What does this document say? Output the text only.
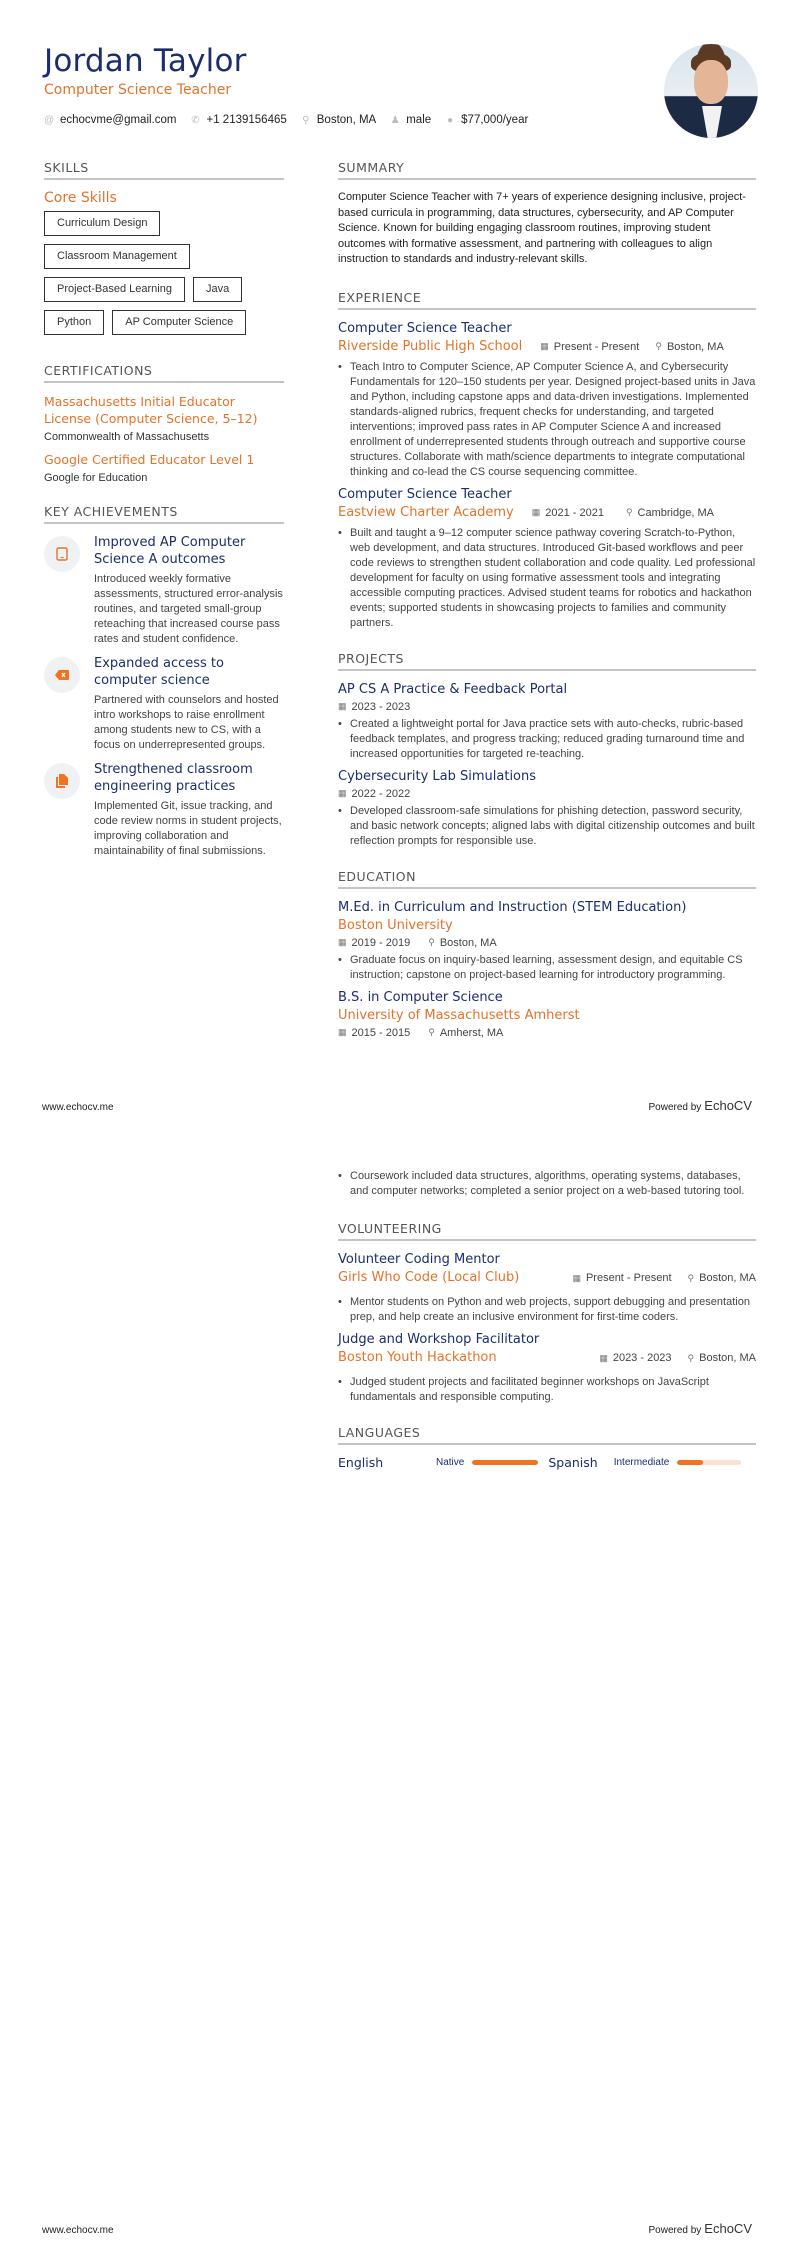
Jordan Taylor
Computer Science Teacher
@ echocvme@gmail.com ✆ +1 2139156465 ⚲ Boston, MA ♟ male ● $77,000/year
SKILLS
Core Skills
Curriculum Design
Classroom Management
Project-Based Learning	Java
Python	AP Computer Science
CERTIFICATIONS
Massachusetts Initial Educator License (Computer Science, 5–12)
Commonwealth of Massachusetts
Google Certified Educator Level 1
Google for Education
KEY ACHIEVEMENTS
Improved AP Computer Science A outcomes
Introduced weekly formative assessments, structured error-analysis routines, and targeted small-group reteaching that increased course pass rates and student confidence.
Expanded access to computer science
Partnered with counselors and hosted intro workshops to raise enrollment among students new to CS, with a focus on underrepresented groups.
Strengthened classroom engineering practices
Implemented Git, issue tracking, and code review norms in student projects, improving collaboration and maintainability of final submissions.
SUMMARY
Computer Science Teacher with 7+ years of experience designing inclusive, project-based curricula in programming, data structures, cybersecurity, and AP Computer Science. Known for building engaging classroom routines, improving student outcomes with formative assessment, and partnering with colleagues to align instruction to standards and industry-relevant skills.
EXPERIENCE
Computer Science Teacher
Riverside Public High School ▦ Present - Present ⚲ Boston, MA
• Teach Intro to Computer Science, AP Computer Science A, and Cybersecurity Fundamentals for 120–150 students per year. Designed project-based units in Java and Python, including capstone apps and data-driven investigations. Implemented standards-aligned rubrics, frequent checks for understanding, and targeted interventions; improved pass rates in AP Computer Science A and increased enrollment of underrepresented students through outreach and supportive course structures. Collaborate with math/science departments to integrate computational thinking and co-lead the CS course sequencing committee.
Computer Science Teacher
Eastview Charter Academy ▦ 2021 - 2021 ⚲ Cambridge, MA
• Built and taught a 9–12 computer science pathway covering Scratch-to-Python, web development, and data structures. Introduced Git-based workflows and peer code reviews to strengthen student collaboration and code quality. Led professional development for faculty on using formative assessment tools and integrating accessible computing practices. Advised student teams for robotics and hackathon events; supported students in showcasing projects to families and community partners.
PROJECTS
AP CS A Practice & Feedback Portal
▦ 2023 - 2023
• Created a lightweight portal for Java practice sets with auto-checks, rubric-based feedback templates, and progress tracking; reduced grading turnaround time and increased opportunities for targeted re-teaching.
Cybersecurity Lab Simulations
▦ 2022 - 2022
• Developed classroom-safe simulations for phishing detection, password security, and basic network concepts; aligned labs with digital citizenship outcomes and built reflection prompts for responsible use.
EDUCATION
M.Ed. in Curriculum and Instruction (STEM Education)
Boston University
▦ 2019 - 2019 ⚲ Boston, MA
• Graduate focus on inquiry-based learning, assessment design, and equitable CS instruction; capstone on project-based learning for introductory programming.
B.S. in Computer Science
University of Massachusetts Amherst
▦ 2015 - 2015 ⚲ Amherst, MA
www.echocv.me	Powered by EchoCV
• Coursework included data structures, algorithms, operating systems, databases, and computer networks; completed a senior project on a web-based tutoring tool.
VOLUNTEERING
Volunteer Coding Mentor
Girls Who Code (Local Club)	▦ Present - Present ⚲ Boston, MA
• Mentor students on Python and web projects, support debugging and presentation prep, and help create an inclusive environment for first-time coders.
Judge and Workshop Facilitator
Boston Youth Hackathon	▦ 2023 - 2023 ⚲ Boston, MA
• Judged student projects and facilitated beginner workshops on JavaScript fundamentals and responsible computing.
LANGUAGES
English	Native	Spanish Intermediate
www.echocv.me	Powered by EchoCV
